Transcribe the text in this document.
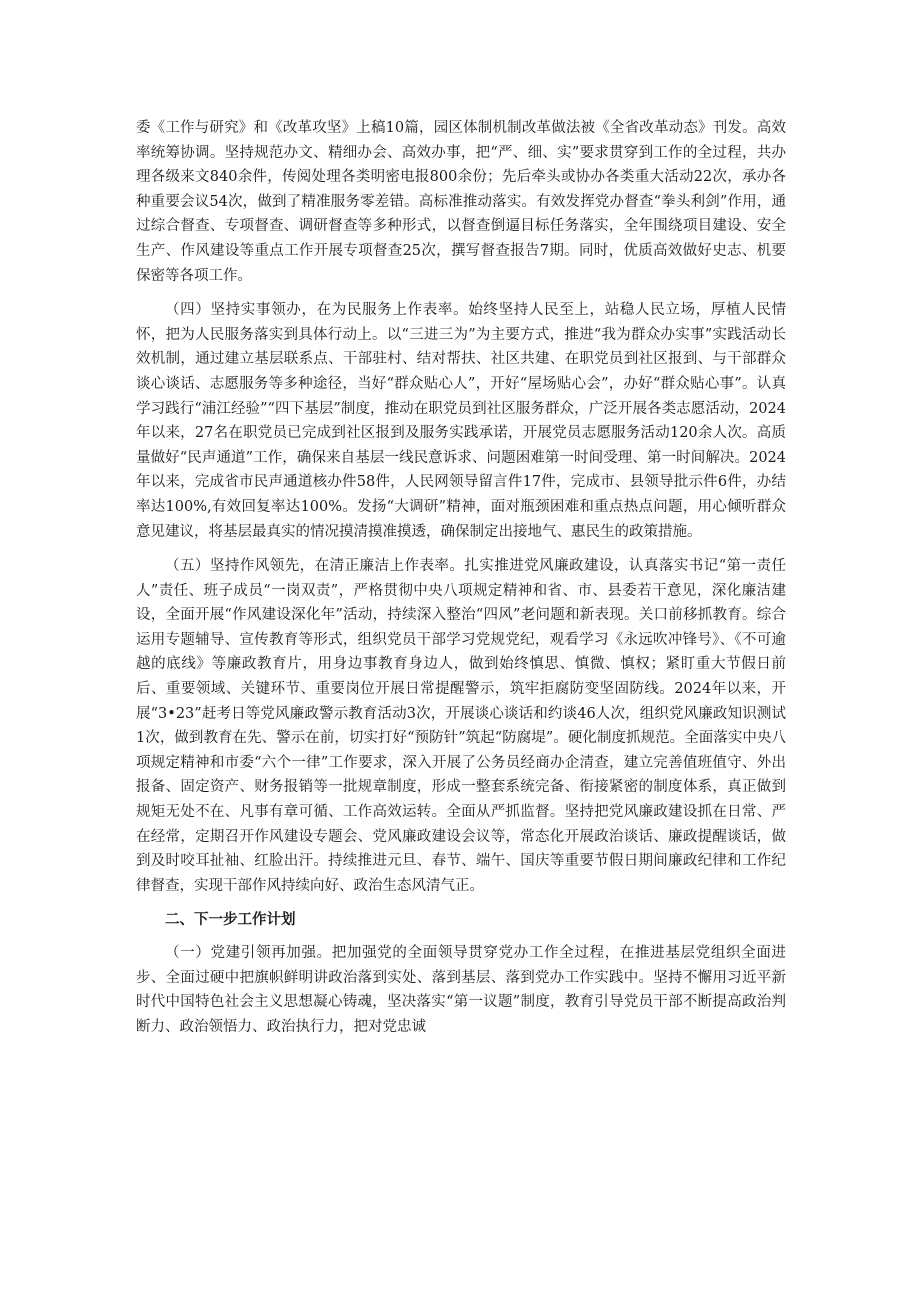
委《工作与研究》和《改革攻坚》上稿10篇，园区体制机制改革做法被《全省改革动态》刊发。高效率统筹协调。坚持规范办文、精细办会、高效办事，把“严、细、实”要求贯穿到工作的全过程，共办理各级来文840余件，传阅处理各类明密电报800余份；先后牵头或协办各类重大活动22次，承办各种重要会议54次，做到了精准服务零差错。高标准推动落实。有效发挥党办督查“拳头利剑”作用，通过综合督查、专项督查、调研督查等多种形式，以督查倒逼目标任务落实，全年围绕项目建设、安全生产、作风建设等重点工作开展专项督查25次，撰写督查报告7期。同时，优质高效做好史志、机要保密等各项工作。

（四）坚持实事领办，在为民服务上作表率。始终坚持人民至上，站稳人民立场，厚植人民情怀，把为人民服务落实到具体行动上。以“三进三为”为主要方式，推进“我为群众办实事”实践活动长效机制，通过建立基层联系点、干部驻村、结对帮扶、社区共建、在职党员到社区报到、与干部群众谈心谈话、志愿服务等多种途径，当好“群众贴心人”，开好“屋场贴心会”，办好“群众贴心事”。认真学习践行“浦江经验”“四下基层”制度，推动在职党员到社区服务群众，广泛开展各类志愿活动，2024年以来，27名在职党员已完成到社区报到及服务实践承诺，开展党员志愿服务活动120余人次。高质量做好“民声通道”工作，确保来自基层一线民意诉求、问题困难第一时间受理、第一时间解决。2024年以来，完成省市民声通道核办件58件，人民网领导留言件17件，完成市、县领导批示件6件，办结率达100%,有效回复率达100%。发扬“大调研”精神，面对瓶颈困难和重点热点问题，用心倾听群众意见建议，将基层最真实的情况摸清摸准摸透，确保制定出接地气、惠民生的政策措施。

（五）坚持作风领先，在清正廉洁上作表率。扎实推进党风廉政建设，认真落实书记“第一责任人”责任、班子成员“一岗双责”，严格贯彻中央八项规定精神和省、市、县委若干意见，深化廉洁建设，全面开展“作风建设深化年”活动，持续深入整治“四风”老问题和新表现。关口前移抓教育。综合运用专题辅导、宣传教育等形式，组织党员干部学习党规党纪，观看学习《永远吹冲锋号》、《不可逾越的底线》等廉政教育片，用身边事教育身边人，做到始终慎思、慎微、慎权；紧盯重大节假日前后、重要领域、关键环节、重要岗位开展日常提醒警示，筑牢拒腐防变坚固防线。2024年以来，开展“3•23”赶考日等党风廉政警示教育活动3次，开展谈心谈话和约谈46人次，组织党风廉政知识测试1次，做到教育在先、警示在前，切实打好“预防针”筑起“防腐堤”。硬化制度抓规范。全面落实中央八项规定精神和市委“六个一律”工作要求，深入开展了公务员经商办企清查，建立完善值班值守、外出报备、固定资产、财务报销等一批规章制度，形成一整套系统完备、衔接紧密的制度体系，真正做到规矩无处不在、凡事有章可循、工作高效运转。全面从严抓监督。坚持把党风廉政建设抓在日常、严在经常，定期召开作风建设专题会、党风廉政建设会议等，常态化开展政治谈话、廉政提醒谈话，做到及时咬耳扯袖、红脸出汗。持续推进元旦、春节、端午、国庆等重要节假日期间廉政纪律和工作纪律督查，实现干部作风持续向好、政治生态风清气正。

二、下一步工作计划

（一）党建引领再加强。把加强党的全面领导贯穿党办工作全过程，在推进基层党组织全面进步、全面过硬中把旗帜鲜明讲政治落到实处、落到基层、落到党办工作实践中。坚持不懈用习近平新时代中国特色社会主义思想凝心铸魂，坚决落实“第一议题”制度，教育引导党员干部不断提高政治判断力、政治领悟力、政治执行力，把对党忠诚
